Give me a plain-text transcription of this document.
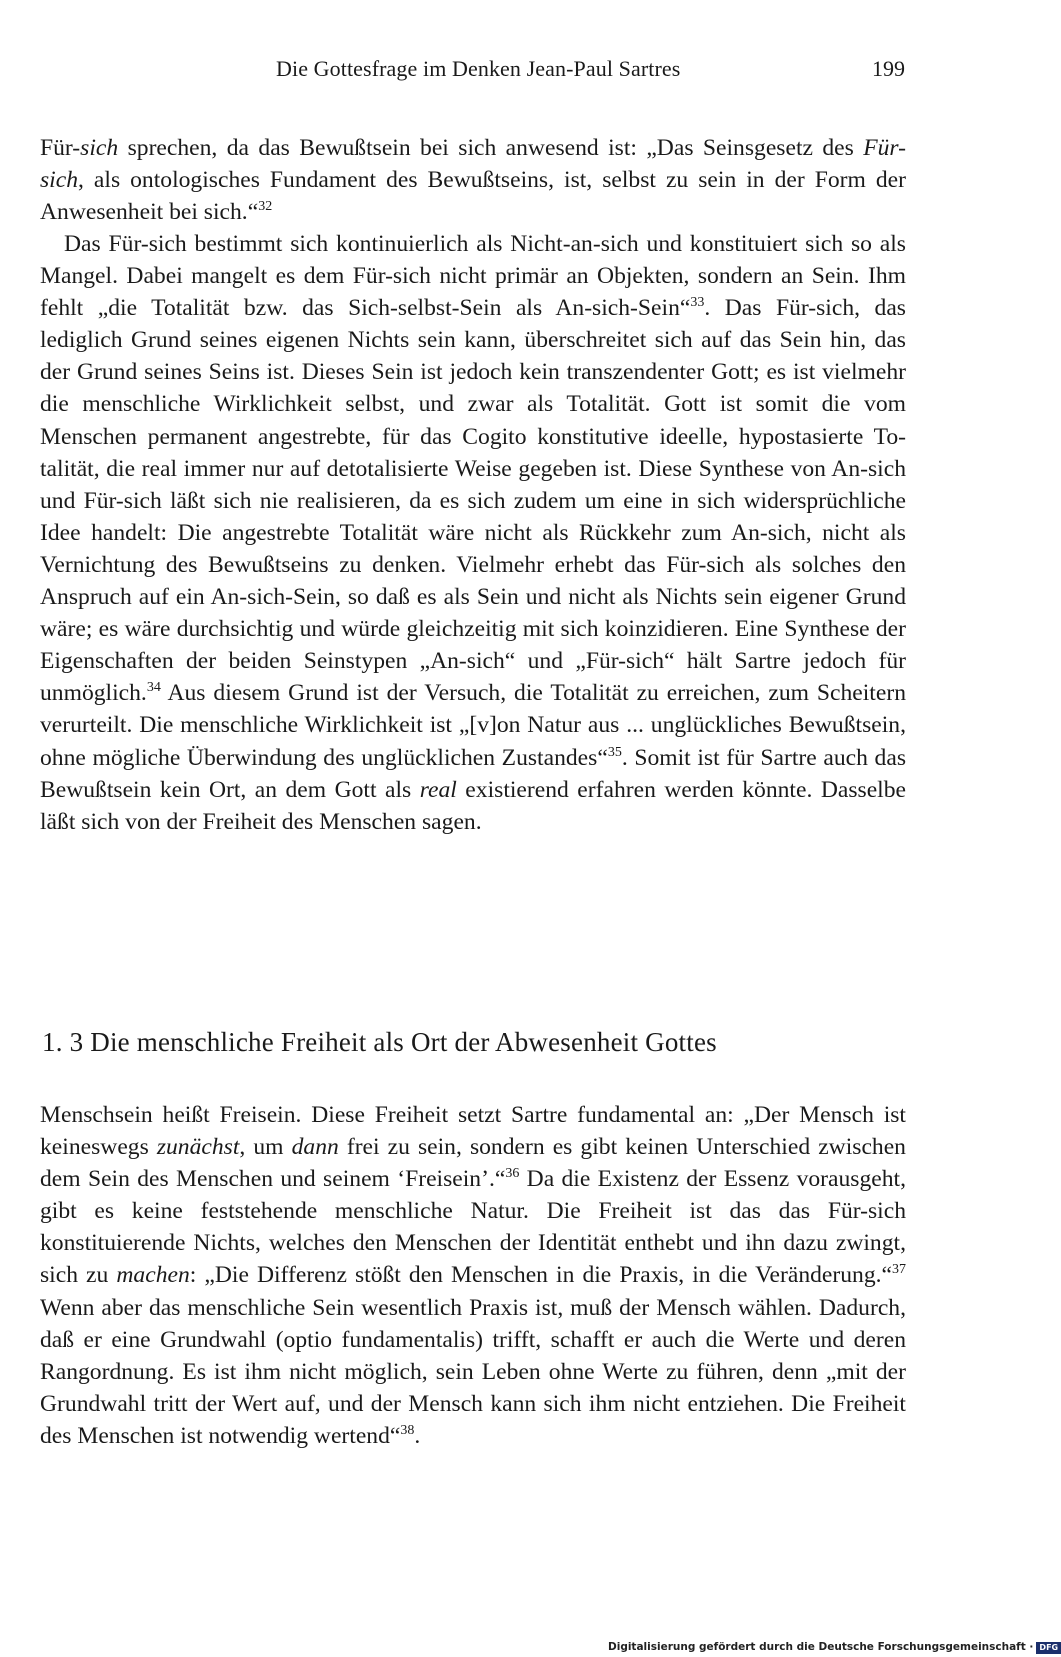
Die Gottesfrage im Denken Jean-Paul Sartres	199

Für-sich sprechen, da das Bewußtsein bei sich anwesend ist: „Das Seinsgesetz des Für-sich, als ontologisches Fundament des Bewußtseins, ist, selbst zu sein in der Form der Anwesenheit bei sich.“$^{32}$

Das Für-sich bestimmt sich kontinuierlich als Nicht-an-sich und konstituiert sich so als Mangel. Dabei mangelt es dem Für-sich nicht primär an Objekten, sondern an Sein. Ihm fehlt „die Totalität bzw. das Sich-selbst-Sein als An-sich-Sein“$^{33}$. Das Für-sich, das lediglich Grund seines eigenen Nichts sein kann, überschreitet sich auf das Sein hin, das der Grund seines Seins ist. Dieses Sein ist jedoch kein transzendenter Gott; es ist vielmehr die menschliche Wirklichkeit selbst, und zwar als Totalität. Gott ist somit die vom Menschen permanent angestrebte, für das Cogito konstitutive ideelle, hypostasierte Totalität, die real immer nur auf detotalisierte Weise gegeben ist. Diese Synthese von An-sich und Für-sich läßt sich nie realisieren, da es sich zudem um eine in sich widersprüchliche Idee handelt: Die angestrebte Totalität wäre nicht als Rückkehr zum An-sich, nicht als Vernichtung des Bewußtseins zu denken. Vielmehr erhebt das Für-sich als solches den Anspruch auf ein An-sich-Sein, so daß es als Sein und nicht als Nichts sein eigener Grund wäre; es wäre durchsichtig und würde gleichzeitig mit sich koinzidieren. Eine Synthese der Eigenschaften der beiden Seinstypen „An-sich“ und „Für-sich“ hält Sartre jedoch für unmöglich.$^{34}$ Aus diesem Grund ist der Versuch, die Totalität zu erreichen, zum Scheitern verurteilt. Die menschliche Wirklichkeit ist „[v]on Natur aus ... unglückliches Bewußtsein, ohne mögliche Überwindung des unglücklichen Zustandes“$^{35}$. Somit ist für Sartre auch das Bewußtsein kein Ort, an dem Gott als real existierend erfahren werden könnte. Dasselbe läßt sich von der Freiheit des Menschen sagen.

1. 3 Die menschliche Freiheit als Ort der Abwesenheit Gottes

Menschsein heißt Freisein. Diese Freiheit setzt Sartre fundamental an: „Der Mensch ist keineswegs zunächst, um dann frei zu sein, sondern es gibt keinen Unterschied zwischen dem Sein des Menschen und seinem ‘Freisein’.“$^{36}$ Da die Existenz der Essenz vorausgeht, gibt es keine feststehende menschliche Natur. Die Freiheit ist das das Für-sich konstituierende Nichts, welches den Menschen der Identität enthebt und ihn dazu zwingt, sich zu machen: „Die Differenz stößt den Menschen in die Praxis, in die Veränderung.“$^{37}$ Wenn aber das menschliche Sein wesentlich Praxis ist, muß der Mensch wählen. Dadurch, daß er eine Grundwahl (optio fundamentalis) trifft, schafft er auch die Werte und deren Rangordnung. Es ist ihm nicht möglich, sein Leben ohne Werte zu führen, denn „mit der Grundwahl tritt der Wert auf, und der Mensch kann sich ihm nicht entziehen. Die Freiheit des Menschen ist notwendig wertend“$^{38}$.

Digitalisierung gefördert durch die Deutsche Forschungsgemeinschaft · DFG
